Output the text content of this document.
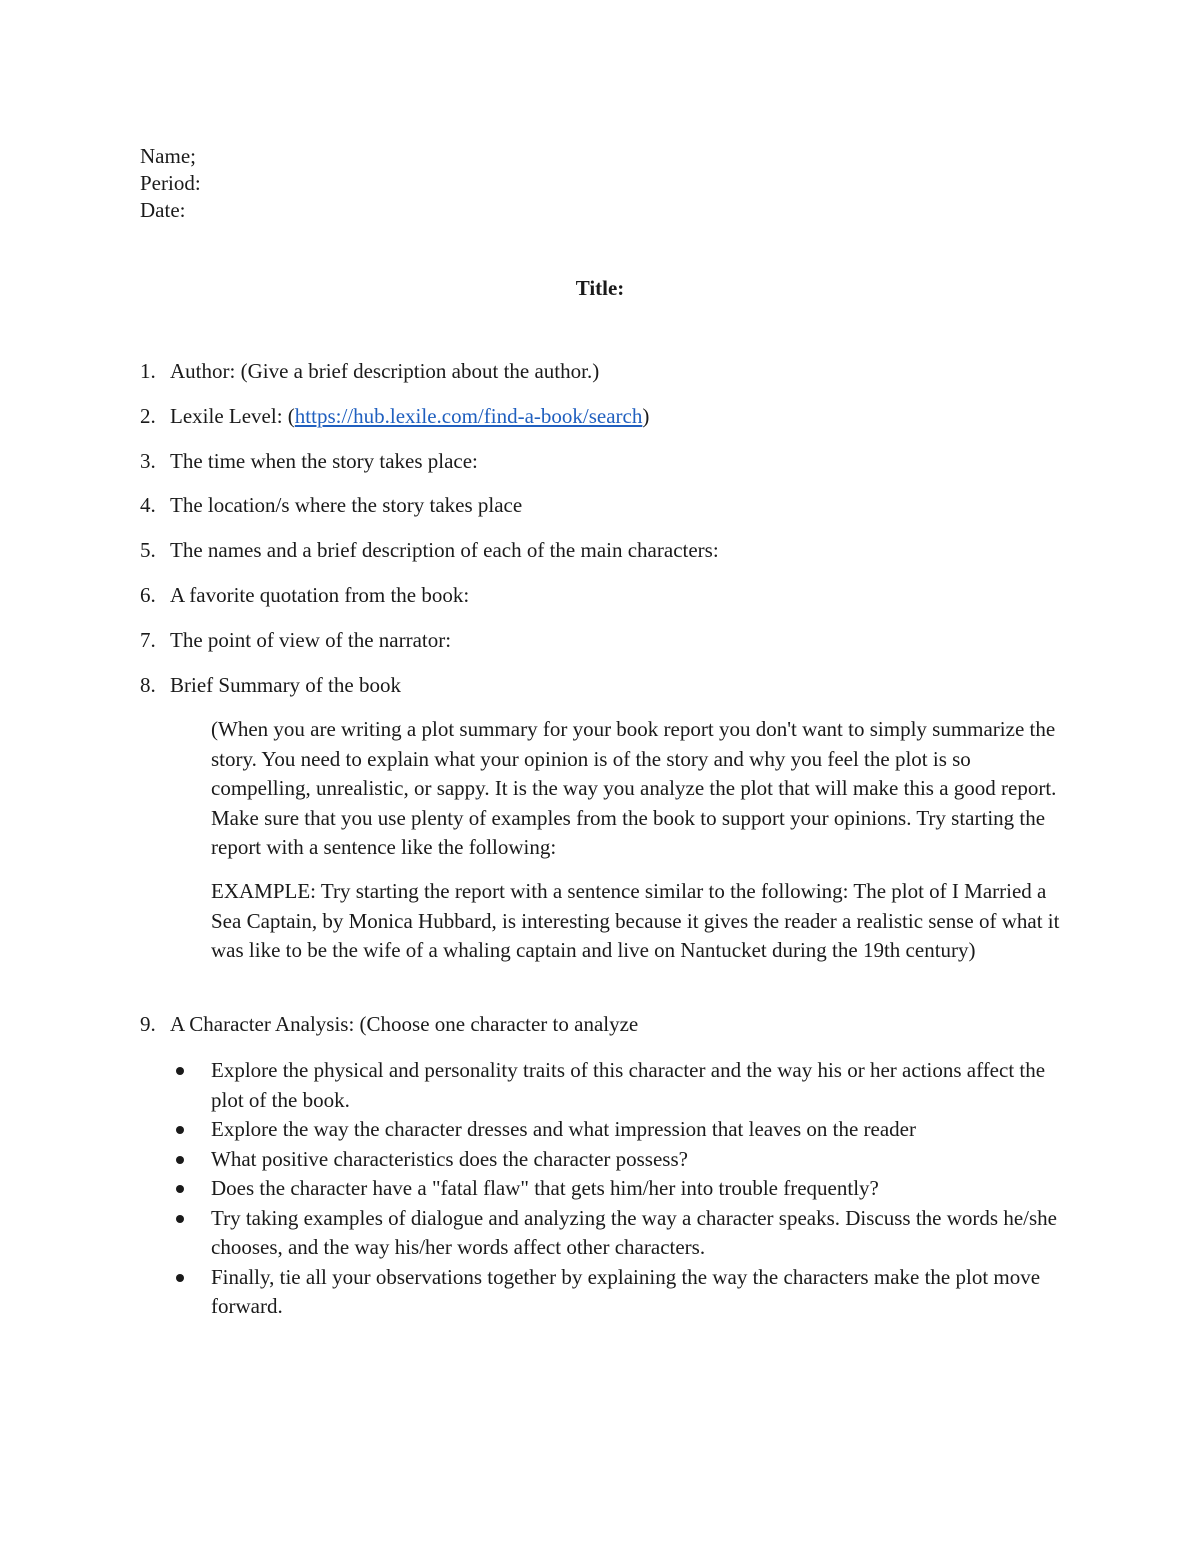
Name;
Period:
Date:
Title:
1. Author: (Give a brief description about the author.)
2. Lexile Level: (https://hub.lexile.com/find-a-book/search)
3. The time when the story takes place:
4. The location/s where the story takes place
5. The names and a brief description of each of the main characters:
6. A favorite quotation from the book:
7. The point of view of the narrator:
8. Brief Summary of the book

(When you are writing a plot summary for your book report you don't want to simply summarize the story. You need to explain what your opinion is of the story and why you feel the plot is so compelling, unrealistic, or sappy. It is the way you analyze the plot that will make this a good report. Make sure that you use plenty of examples from the book to support your opinions. Try starting the report with a sentence like the following:

EXAMPLE: Try starting the report with a sentence similar to the following: The plot of I Married a Sea Captain, by Monica Hubbard, is interesting because it gives the reader a realistic sense of what it was like to be the wife of a whaling captain and live on Nantucket during the 19th century)

9. A Character Analysis: (Choose one character to analyze
Explore the physical and personality traits of this character and the way his or her actions affect the plot of the book.
Explore the way the character dresses and what impression that leaves on the reader
What positive characteristics does the character possess?
Does the character have a "fatal flaw" that gets him/her into trouble frequently?
Try taking examples of dialogue and analyzing the way a character speaks. Discuss the words he/she chooses, and the way his/her words affect other characters.
Finally, tie all your observations together by explaining the way the characters make the plot move forward.
